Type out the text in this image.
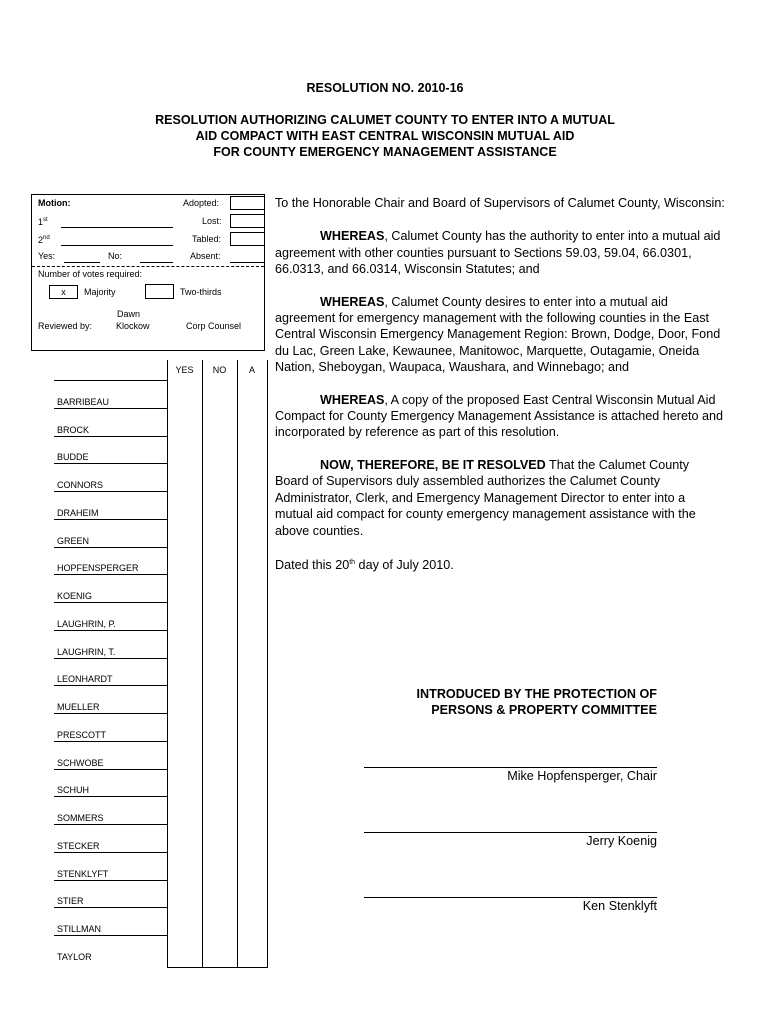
RESOLUTION NO. 2010-16
RESOLUTION AUTHORIZING CALUMET COUNTY TO ENTER INTO A MUTUAL
AID COMPACT WITH EAST CENTRAL WISCONSIN MUTUAL AID
FOR COUNTY EMERGENCY MANAGEMENT ASSISTANCE
Motion:
1st
2nd
Yes:	No:
Adopted:
Lost:
Tabled:
Absent:
Number of votes required:
x	Majority	Two-thirds
Reviewed by:
Dawn
Klockow	Corp Counsel
YES	NO	A
BARRIBEAU
BROCK
BUDDE
CONNORS
DRAHEIM
GREEN
HOPFENSPERGER
KOENIG
LAUGHRIN, P.
LAUGHRIN, T.
LEONHARDT
MUELLER
PRESCOTT
SCHWOBE
SCHUH
SOMMERS
STECKER
STENKLYFT
STIER
STILLMAN
TAYLOR

To the Honorable Chair and Board of Supervisors of Calumet County, Wisconsin:

WHEREAS, Calumet County has the authority to enter into a mutual aid agreement with other counties pursuant to Sections 59.03, 59.04, 66.0301, 66.0313, and 66.0314, Wisconsin Statutes; and

WHEREAS, Calumet County desires to enter into a mutual aid agreement for emergency management with the following counties in the East Central Wisconsin Emergency Management Region: Brown, Dodge, Door, Fond du Lac, Green Lake, Kewaunee, Manitowoc, Marquette, Outagamie, Oneida Nation, Sheboygan, Waupaca, Waushara, and Winnebago; and

WHEREAS, A copy of the proposed East Central Wisconsin Mutual Aid Compact for County Emergency Management Assistance is attached hereto and incorporated by reference as part of this resolution.

NOW, THEREFORE, BE IT RESOLVED That the Calumet County Board of Supervisors duly assembled authorizes the Calumet County Administrator, Clerk, and Emergency Management Director to enter into a mutual aid compact for county emergency management assistance with the above counties.

Dated this 20th day of July 2010.

INTRODUCED BY THE PROTECTION OF
PERSONS & PROPERTY COMMITTEE
Mike Hopfensperger, Chair
Jerry Koenig
Ken Stenklyft
